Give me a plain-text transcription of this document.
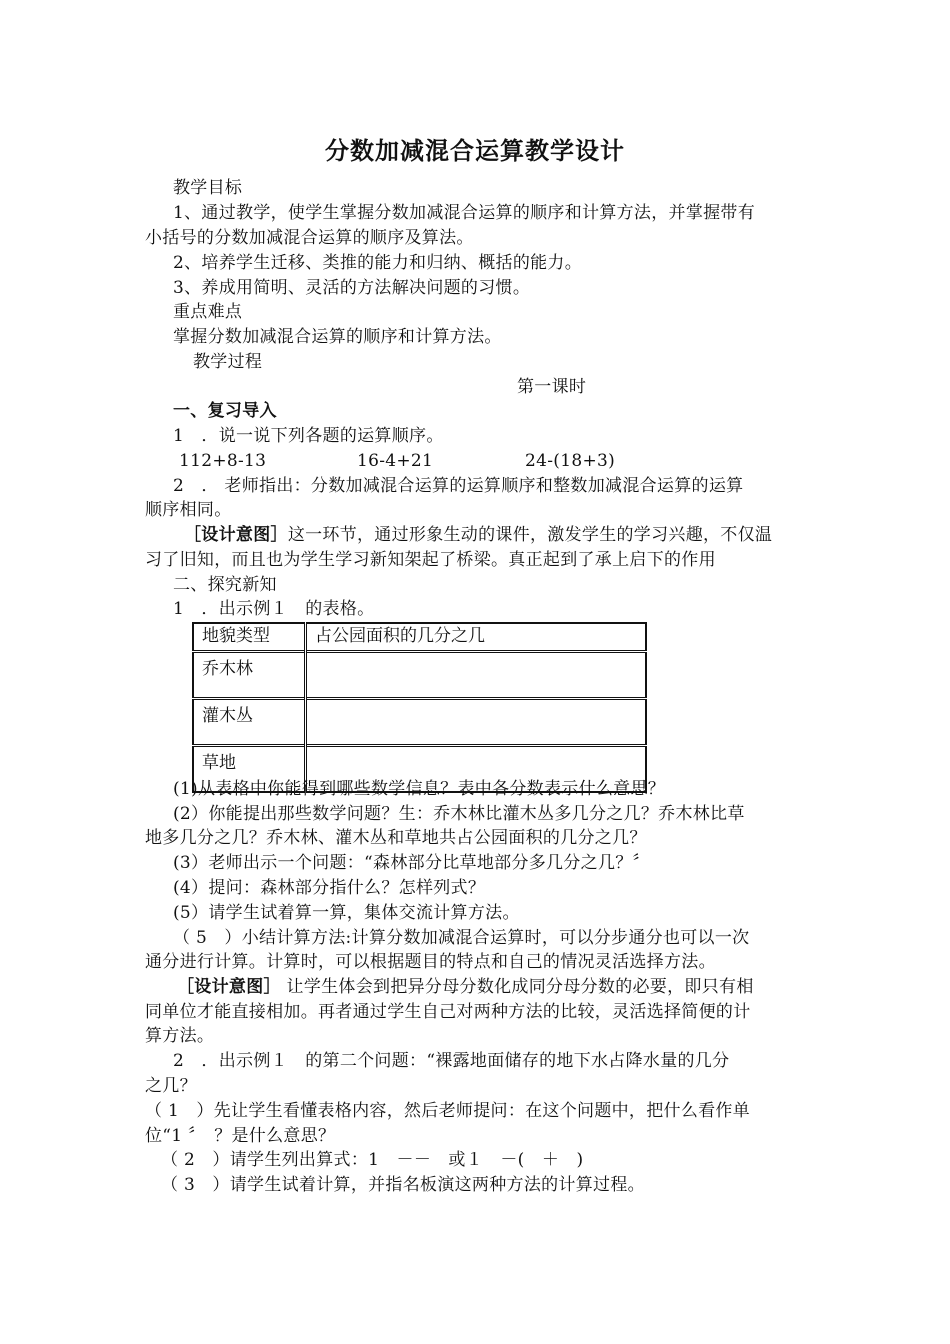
分数加减混合运算教学设计
教学目标
1、通过教学，使学生掌握分数加减混合运算的顺序和计算方法，并掌握带有
小括号的分数加减混合运算的顺序及算法。
2、培养学生迁移、类推的能力和归纳、概括的能力。
3、养成用简明、灵活的方法解决问题的习惯。
重点难点
掌握分数加减混合运算的顺序和计算方法。
教学过程
第一课时
一、复习导入
1　．说一说下列各题的运算顺序。
112+8-13	16-4+21	24-(18+3)
2　． 老师指出：分数加减混合运算的运算顺序和整数加减混合运算的运算
顺序相同。
［设计意图］这一环节，通过形象生动的课件，激发学生的学习兴趣，不仅温
习了旧知，而且也为学生学习新知架起了桥梁。真正起到了承上启下的作用
二、探究新知
1　．出示例１　的表格。
地貌类型	占公园面积的几分之几
乔木林	
灌木丛	
草地	
(1)从表格中你能得到哪些数学信息？表中各分数表示什么意思？
(2）你能提出那些数学问题？生：乔木林比灌木丛多几分之几？乔木林比草
地多几分之几？乔木林、灌木丛和草地共占公园面积的几分之几？
(3）老师出示一个问题：“森林部分比草地部分多几分之几？〞
(4）提问：森林部分指什么？怎样列式？
(5）请学生试着算一算，集体交流计算方法。
（ 5　）小结计算方法:计算分数加减混合运算时，可以分步通分也可以一次
通分进行计算。计算时，可以根据题目的特点和自己的情况灵活选择方法。
［设计意图］ 让学生体会到把异分母分数化成同分母分数的必要，即只有相
同单位才能直接相加。再者通过学生自己对两种方法的比较，灵活选择简便的计
算方法。
2　．出示例１　的第二个问题：“裸露地面储存的地下水占降水量的几分
之几？
（ 1　）先让学生看懂表格内容，然后老师提问：在这个问题中，把什么看作单
位“1 〞　？是什么意思？
（ 2　）请学生列出算式：1　－－　或１　－(　＋　)
（ 3　）请学生试着计算，并指名板演这两种方法的计算过程。
